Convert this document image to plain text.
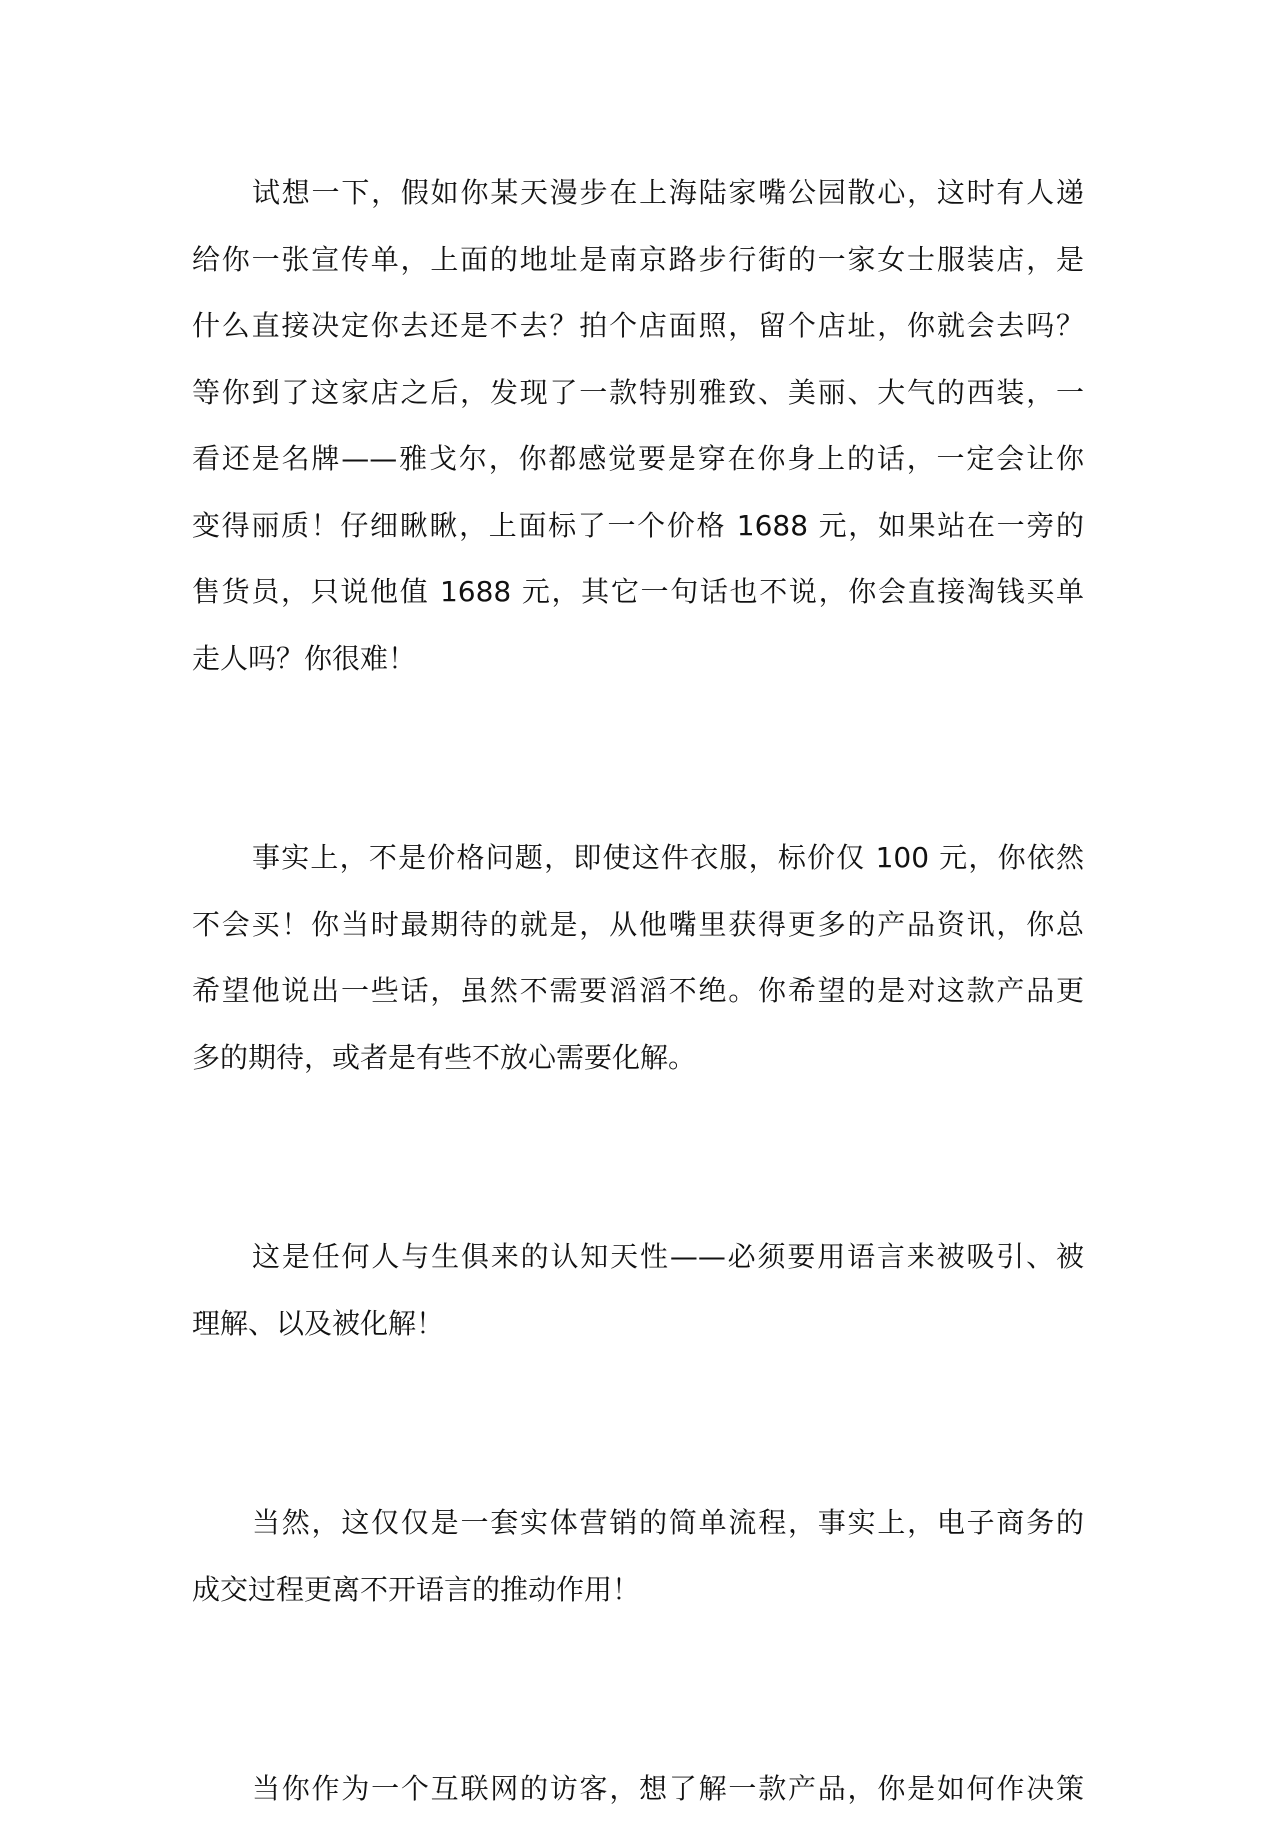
试想一下，假如你某天漫步在上海陆家嘴公园散心，这时有人递
给你一张宣传单，上面的地址是南京路步行街的一家女士服装店，是
什么直接决定你去还是不去？拍个店面照，留个店址，你就会去吗？
等你到了这家店之后，发现了一款特别雅致、美丽、大气的西装，一
看还是名牌——雅戈尔，你都感觉要是穿在你身上的话，一定会让你
变得丽质！仔细瞅瞅，上面标了一个价格 1688 元，如果站在一旁的
售货员，只说他值 1688 元，其它一句话也不说，你会直接淘钱买单
走人吗？你很难！
事实上，不是价格问题，即使这件衣服，标价仅 100 元，你依然
不会买！你当时最期待的就是，从他嘴里获得更多的产品资讯，你总
希望他说出一些话，虽然不需要滔滔不绝。你希望的是对这款产品更
多的期待，或者是有些不放心需要化解。
这是任何人与生俱来的认知天性——必须要用语言来被吸引、被
理解、以及被化解！
当然，这仅仅是一套实体营销的简单流程，事实上，电子商务的
成交过程更离不开语言的推动作用！
当你作为一个互联网的访客，想了解一款产品，你是如何作决策
